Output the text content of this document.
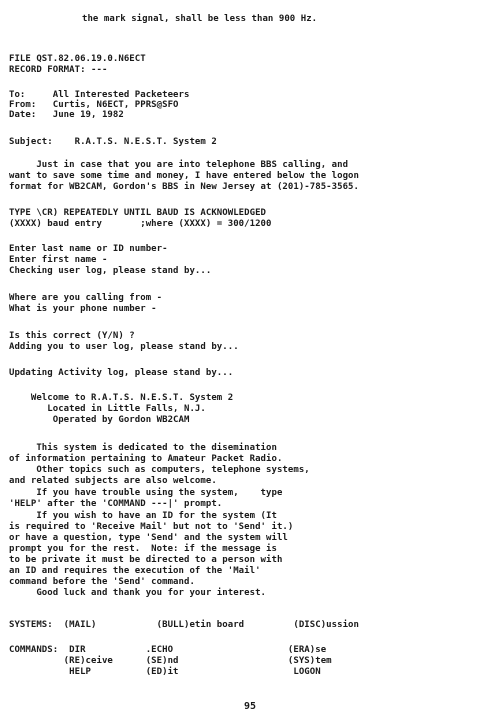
the mark signal, shall be less than 900 Hz.
FILE QST.82.06.19.0.N6ECT
RECORD FORMAT: ---
To:     All Interested Packeteers
From:   Curtis, N6ECT, PPRS@SFO
Date:   June 19, 1982
Subject:    R.A.T.S. N.E.S.T. System 2
Just in case that you are into telephone BBS calling, and
want to save some time and money, I have entered below the logon
format for WB2CAM, Gordon's BBS in New Jersey at (201)-785-3565.
TYPE \CR) REPEATEDLY UNTIL BAUD IS ACKNOWLEDGED
(XXXX) baud entry       ;where (XXXX) = 300/1200
Enter last name or ID number-
Enter first name -
Checking user log, please stand by...
Where are you calling from -
What is your phone number -
Is this correct (Y/N) ?
Adding you to user log, please stand by...
Updating Activity log, please stand by...
Welcome to R.A.T.S. N.E.S.T. System 2
Located in Little Falls, N.J.
Operated by Gordon WB2CAM
This system is dedicated to the disemination
of information pertaining to Amateur Packet Radio.
Other topics such as computers, telephone systems,
and related subjects are also welcome.
If you have trouble using the system,    type
'HELP' after the 'COMMAND ---|' prompt.
If you wish to have an ID for the system (It
is required to 'Receive Mail' but not to 'Send' it.)
or have a question, type 'Send' and the system will
prompt you for the rest.  Note: if the message is
to be private it must be directed to a person with
an ID and requires the execution of the 'Mail'
command before the 'Send' command.
Good luck and thank you for your interest.
SYSTEMS:  (MAIL)           (BULL)etin board         (DISC)ussion
COMMANDS:  DIR           .ECHO                     (ERA)se
(RE)ceive      (SE)nd                    (SYS)tem
HELP          (ED)it                     LOGON
95
